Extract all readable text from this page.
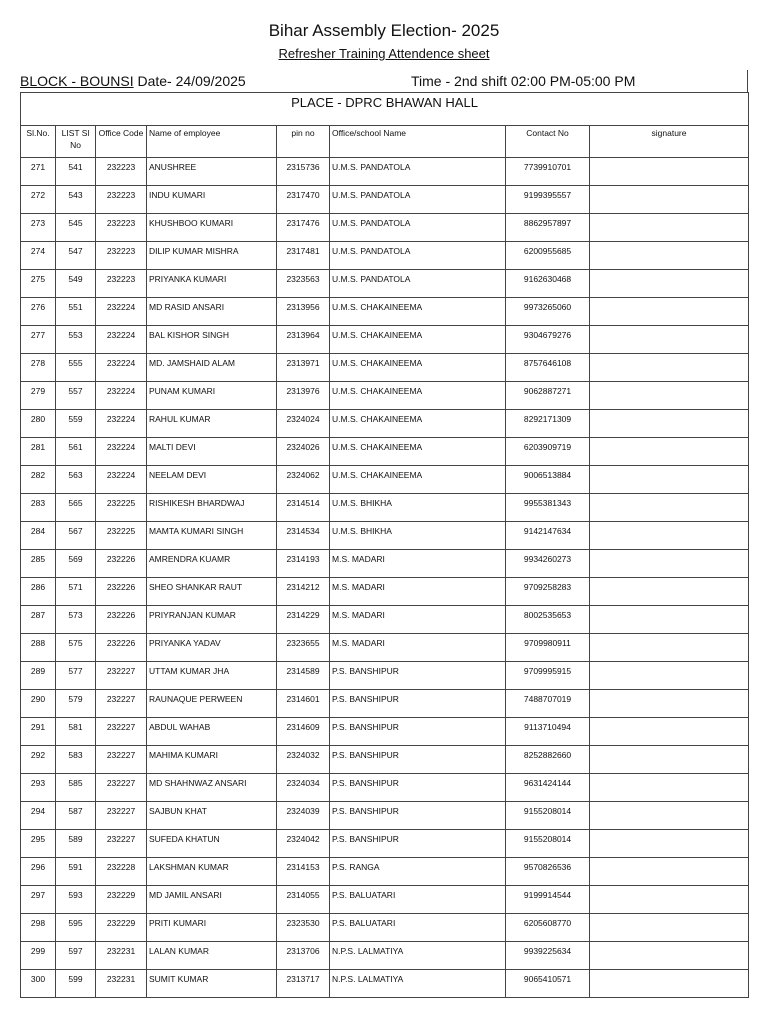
Bihar Assembly Election- 2025
Refresher Training Attendence sheet
BLOCK - BOUNSI Date- 24/09/2025	Time - 2nd shift 02:00 PM-05:00 PM
PLACE - DPRC BHAWAN HALL
Sl.No.	LIST Sl No	Office Code	Name of employee	pin no	Office/school Name	Contact No	signature
271	541	232223	ANUSHREE	2315736	U.M.S. PANDATOLA	7739910701	
272	543	232223	INDU KUMARI	2317470	U.M.S. PANDATOLA	9199395557	
273	545	232223	KHUSHBOO KUMARI	2317476	U.M.S. PANDATOLA	8862957897	
274	547	232223	DILIP KUMAR MISHRA	2317481	U.M.S. PANDATOLA	6200955685	
275	549	232223	PRIYANKA KUMARI	2323563	U.M.S. PANDATOLA	9162630468	
276	551	232224	MD RASID ANSARI	2313956	U.M.S. CHAKAINEEMA	9973265060	
277	553	232224	BAL KISHOR SINGH	2313964	U.M.S. CHAKAINEEMA	9304679276	
278	555	232224	MD. JAMSHAID ALAM	2313971	U.M.S. CHAKAINEEMA	8757646108	
279	557	232224	PUNAM KUMARI	2313976	U.M.S. CHAKAINEEMA	9062887271	
280	559	232224	RAHUL KUMAR	2324024	U.M.S. CHAKAINEEMA	8292171309	
281	561	232224	MALTI DEVI	2324026	U.M.S. CHAKAINEEMA	6203909719	
282	563	232224	NEELAM DEVI	2324062	U.M.S. CHAKAINEEMA	9006513884	
283	565	232225	RISHIKESH BHARDWAJ	2314514	U.M.S. BHIKHA	9955381343	
284	567	232225	MAMTA KUMARI SINGH	2314534	U.M.S. BHIKHA	9142147634	
285	569	232226	AMRENDRA KUAMR	2314193	M.S. MADARI	9934260273	
286	571	232226	SHEO SHANKAR RAUT	2314212	M.S. MADARI	9709258283	
287	573	232226	PRIYRANJAN KUMAR	2314229	M.S. MADARI	8002535653	
288	575	232226	PRIYANKA YADAV	2323655	M.S. MADARI	9709980911	
289	577	232227	UTTAM KUMAR JHA	2314589	P.S. BANSHIPUR	9709995915	
290	579	232227	RAUNAQUE PERWEEN	2314601	P.S. BANSHIPUR	7488707019	
291	581	232227	ABDUL WAHAB	2314609	P.S. BANSHIPUR	9113710494	
292	583	232227	MAHIMA KUMARI	2324032	P.S. BANSHIPUR	8252882660	
293	585	232227	MD SHAHNWAZ ANSARI	2324034	P.S. BANSHIPUR	9631424144	
294	587	232227	SAJBUN KHAT	2324039	P.S. BANSHIPUR	9155208014	
295	589	232227	SUFEDA KHATUN	2324042	P.S. BANSHIPUR	9155208014	
296	591	232228	LAKSHMAN KUMAR	2314153	P.S. RANGA	9570826536	
297	593	232229	MD JAMIL ANSARI	2314055	P.S. BALUATARI	9199914544	
298	595	232229	PRITI KUMARI	2323530	P.S. BALUATARI	6205608770	
299	597	232231	LALAN KUMAR	2313706	N.P.S. LALMATIYA	9939225634	
300	599	232231	SUMIT KUMAR	2313717	N.P.S. LALMATIYA	9065410571	
